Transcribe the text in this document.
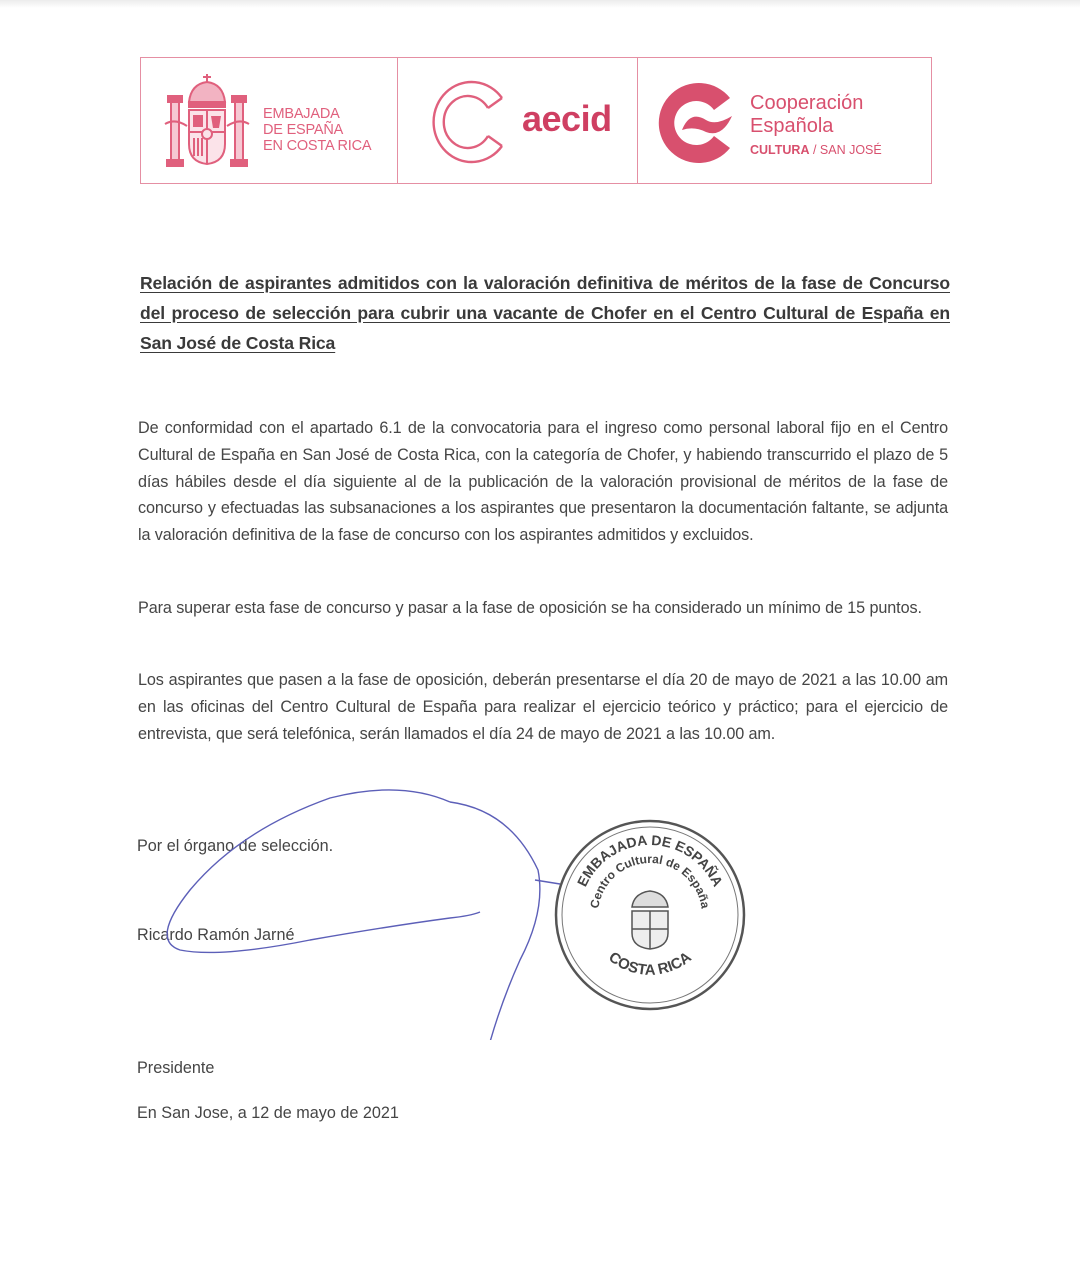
EMBAJADA
DE ESPAÑA
EN COSTA RICA
aecid	Cooperación
Española
CULTURA / SAN JOSÉ
Relación de aspirantes admitidos con la valoración definitiva de méritos de la fase de Concurso del proceso de selección para cubrir una vacante de Chofer en el Centro Cultural de España en San José de Costa Rica
De conformidad con el apartado 6.1 de la convocatoria para el ingreso como personal laboral fijo en el Centro Cultural de España en San José de Costa Rica, con la categoría de Chofer, y habiendo transcurrido el plazo de 5 días hábiles desde el día siguiente al de la publicación de la valoración provisional de méritos de la fase de concurso y efectuadas las subsanaciones a los aspirantes que presentaron la documentación faltante, se adjunta la valoración definitiva de la fase de concurso con los aspirantes admitidos y excluidos.
Para superar esta fase de concurso y pasar a la fase de oposición se ha considerado un mínimo de 15 puntos.
Los aspirantes que pasen a la fase de oposición, deberán presentarse el día 20 de mayo de 2021 a las 10.00 am en las oficinas del Centro Cultural de España para realizar el ejercicio teórico y práctico; para el ejercicio de entrevista, que será telefónica, serán llamados el día 24 de mayo de 2021 a las 10.00 am.
Por el órgano de selección.
Ricardo Ramón Jarné
Presidente
En San Jose, a 12 de mayo de 2021
EMBAJADA DE ESPAÑA
Centro Cultural de España
COSTA RICA
